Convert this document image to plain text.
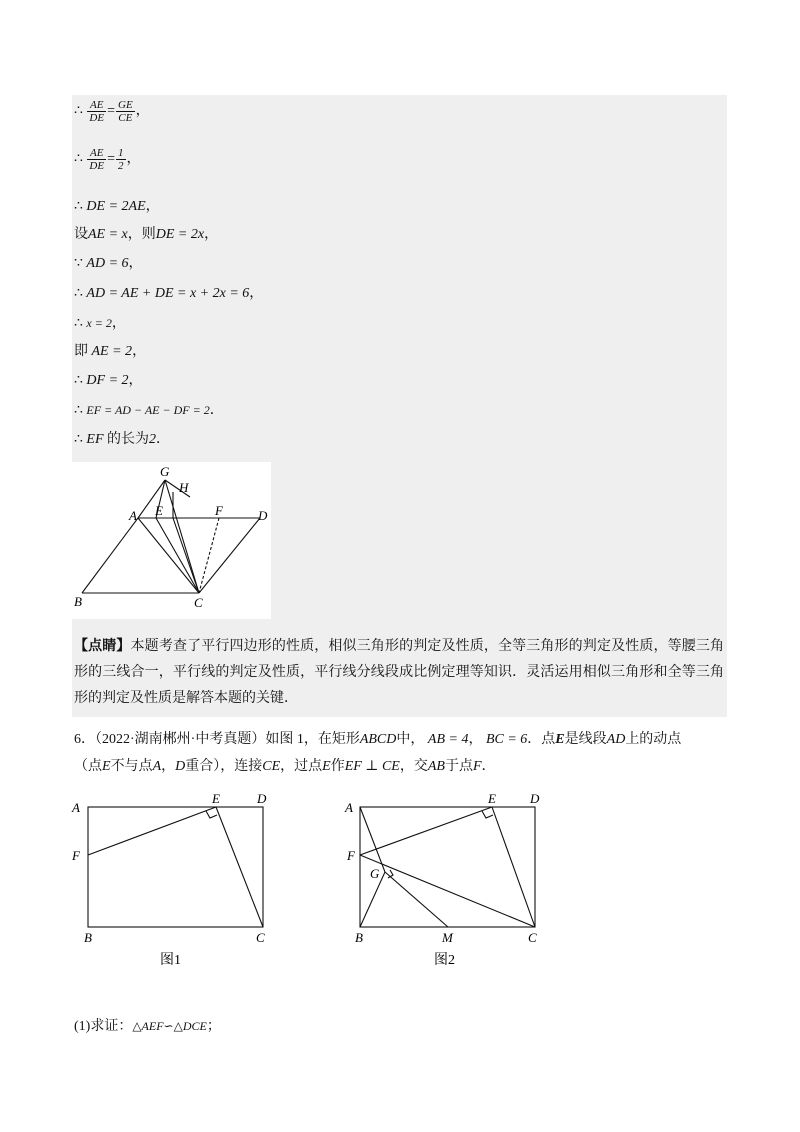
∴ $\frac{AE}{DE} = \frac{GE}{CE}$ ，
∴ $\frac{AE}{DE} = \frac{1}{2}$ ，
∴ DE = 2AE，
设AE = x，则DE = 2x，
∵ AD = 6，
∴ AD = AE + DE = x + 2x = 6，
∴ x = 2，
即 AE = 2，
∴ DF = 2，
∴ EF = AD − AE − DF = 2．
∴ EF 的长为2．
G
H
A E	F	D
B	C
【点睛】本题考查了平行四边形的性质，相似三角形的判定及性质，全等三角形的判定及性质，等腰三角形的三线合一，平行线的判定及性质，平行线分线段成比例定理等知识．灵活运用相似三角形和全等三角形的判定及性质是解答本题的关键．
6．（2022·湖南郴州·中考真题）如图 1，在矩形ABCD中， AB = 4， BC = 6．点E是线段AD上的动点
（点E不与点A，D重合），连接CE，过点E作EF ⊥ CE，交AB于点F．
A
E	D
F
B	C
图1
A
E	D
F
G
B	M	C
图2
(1)求证：△AEF∽△DCE；
